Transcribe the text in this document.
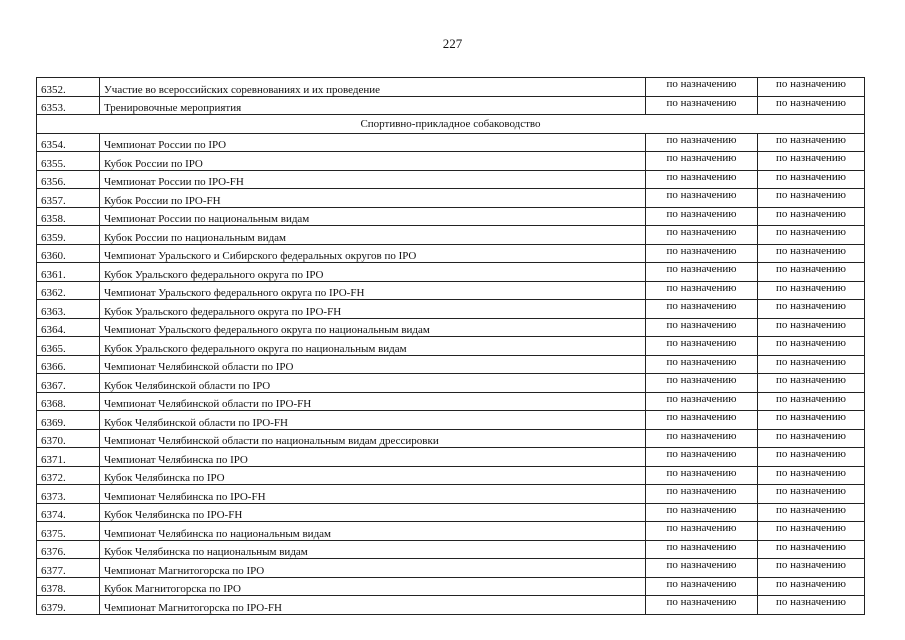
227
6352.	Участие во всероссийских соревнованиях и их проведение	по назначению	по назначению
6353.	Тренировочные мероприятия	по назначению	по назначению
Спортивно-прикладное собаководство			
6354.	Чемпионат России по IPO	по назначению	по назначению
6355.	Кубок России по IPO	по назначению	по назначению
6356.	Чемпионат России по IPO-FH	по назначению	по назначению
6357.	Кубок России по IPO-FH	по назначению	по назначению
6358.	Чемпионат России по национальным видам	по назначению	по назначению
6359.	Кубок России по национальным видам	по назначению	по назначению
6360.	Чемпионат Уральского и Сибирского федеральных округов по IPO	по назначению	по назначению
6361.	Кубок Уральского федерального округа по IPO	по назначению	по назначению
6362.	Чемпионат Уральского федерального округа по IPO-FH	по назначению	по назначению
6363.	Кубок Уральского федерального округа по IPO-FH	по назначению	по назначению
6364.	Чемпионат Уральского федерального округа по национальным видам	по назначению	по назначению
6365.	Кубок Уральского федерального округа по национальным видам	по назначению	по назначению
6366.	Чемпионат Челябинской области по IPO	по назначению	по назначению
6367.	Кубок Челябинской области по IPO	по назначению	по назначению
6368.	Чемпионат Челябинской области по IPO-FH	по назначению	по назначению
6369.	Кубок Челябинской области по IPO-FH	по назначению	по назначению
6370.	Чемпионат Челябинской области по национальным видам дрессировки	по назначению	по назначению
6371.	Чемпионат Челябинска по IPO	по назначению	по назначению
6372.	Кубок Челябинска по IPO	по назначению	по назначению
6373.	Чемпионат Челябинска по IPO-FH	по назначению	по назначению
6374.	Кубок Челябинска по IPO-FH	по назначению	по назначению
6375.	Чемпионат Челябинска по национальным видам	по назначению	по назначению
6376.	Кубок Челябинска по национальным видам	по назначению	по назначению
6377.	Чемпионат Магнитогорска по IPO	по назначению	по назначению
6378.	Кубок Магнитогорска по IPO	по назначению	по назначению
6379.	Чемпионат Магнитогорска по IPO-FH	по назначению	по назначению
